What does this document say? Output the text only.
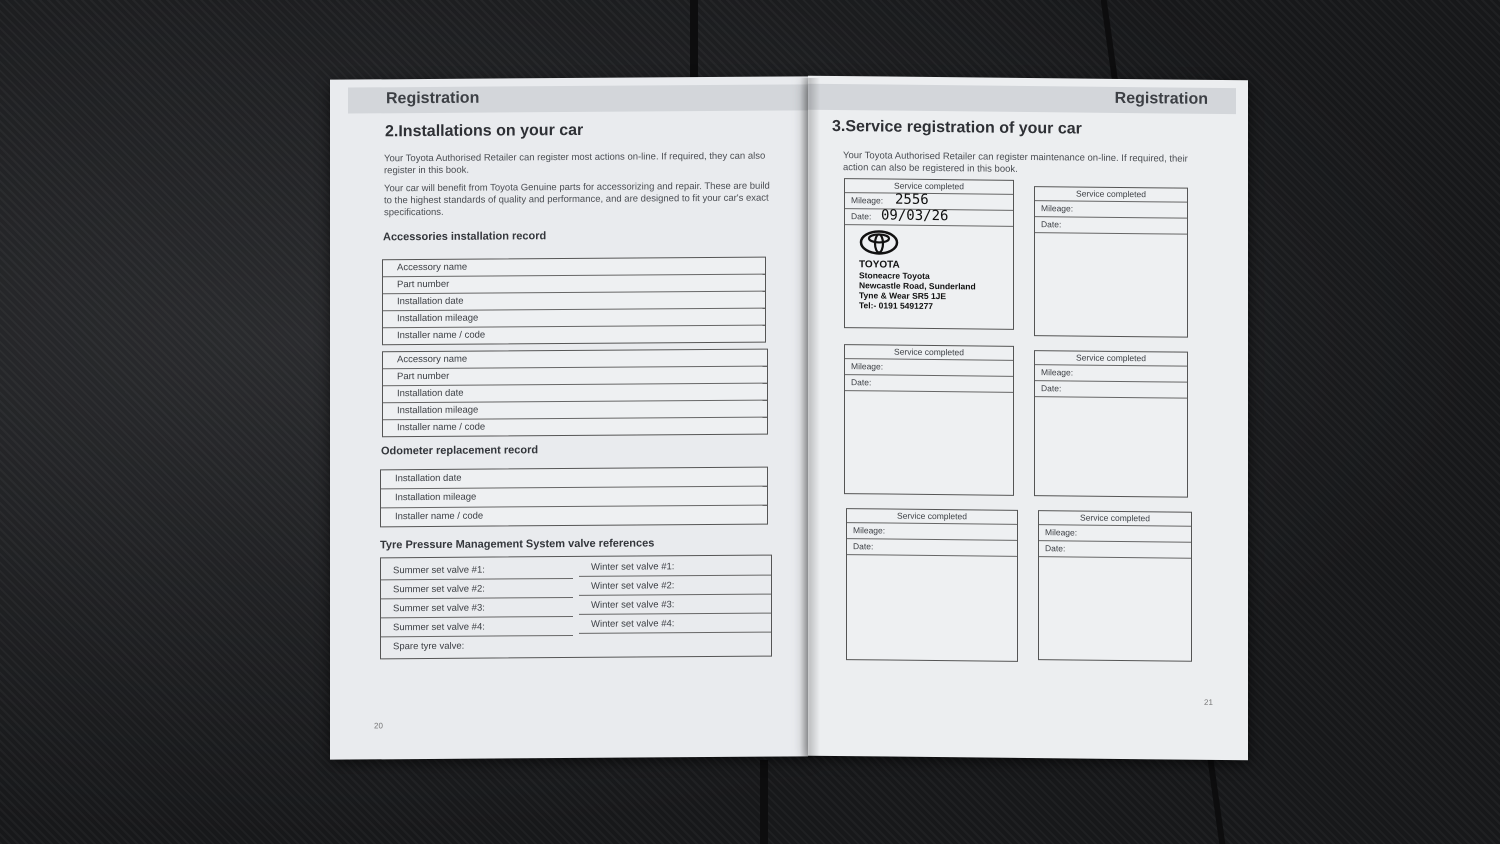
Registration
2.Installations on your car
Your Toyota Authorised Retailer can register most actions on-line. If required, they can also register in this book.
Your car will benefit from Toyota Genuine parts for accessorizing and repair. These are build to the highest standards of quality and performance, and are designed to fit your car's exact specifications.
Accessories installation record
Accessory name
Part number
Installation date
Installation mileage
Installer name / code
Accessory name
Part number
Installation date
Installation mileage
Installer name / code
Odometer replacement record
Installation date
Installation mileage
Installer name / code
Tyre Pressure Management System valve references
Summer set valve #1:
Summer set valve #2:
Summer set valve #3:
Summer set valve #4:
Winter set valve #1:
Winter set valve #2:
Winter set valve #3:
Winter set valve #4:
Spare tyre valve:
20
Registration
3.Service registration of your car
Your Toyota Authorised Retailer can register maintenance on-line. If required, their action can also be registered in this book.
Service completed
Mileage:
Date:
2556
09/03/26
TOYOTA
Stoneacre Toyota
Newcastle Road, Sunderland
Tyne & Wear SR5 1JE
Tel:- 0191 5491277
Service completed
Mileage:
Date:
Service completed
Mileage:
Date:
Service completed
Mileage:
Date:
Service completed
Mileage:
Date:
Service completed
Mileage:
Date:
21
